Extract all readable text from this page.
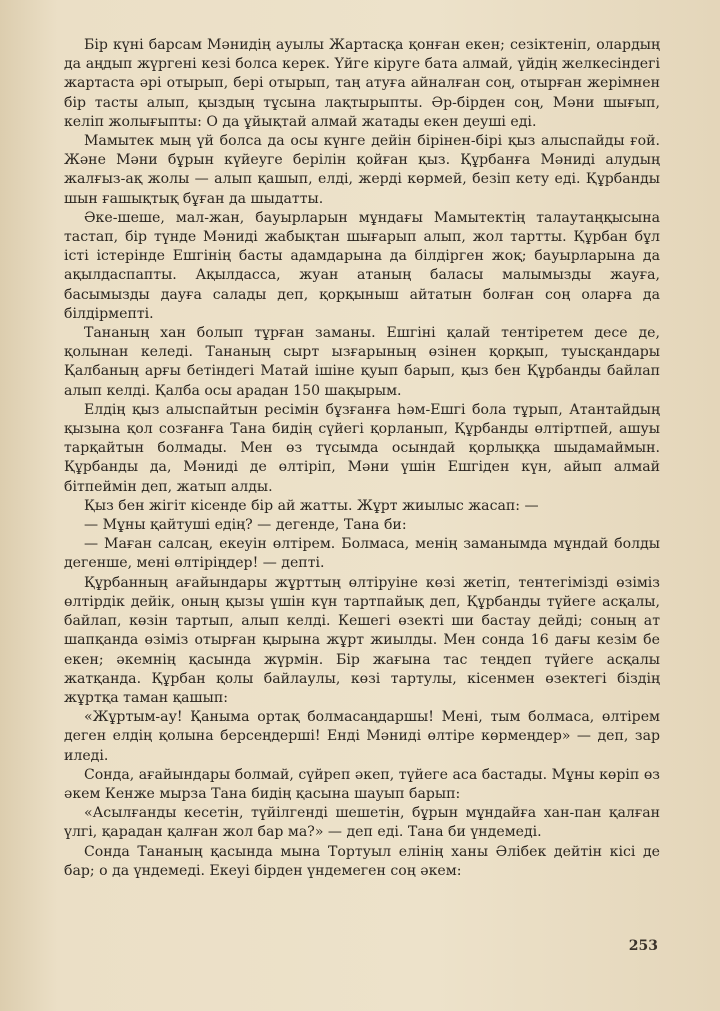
Бір күні барсам Мәнидің ауылы Жартасқа қонған екен; сезіктеніп, олардың да аңдып жүргені кезі болса керек. Үйге кіруге бата алмай, үйдің желкесіндегі жартаста әрі отырып, бері отырып, таң атуға айналған соң, отырған жерімнен бір тасты алып, қыздың тұсына лақтырыпты. Әр-бірден соң, Мәни шығып, келіп жолығыпты: О да ұйықтай алмай жатады екен деуші еді.

Мамытек мың үй болса да осы күнге дейін бірінен-бірі қыз алыспайды ғой. Және Мәни бұрын күйеуге берілін қойған қыз. Құрбанға Мәниді алудың жалғыз-ақ жолы — алып қашып, елді, жерді көрмей, безіп кету еді. Құрбанды шын ғашықтық бұған да шыдатты.

Әке-шеше, мал-жан, бауырларын мұндағы Мамытектің талаутаңқысына тастап, бір түнде Мәниді жабықтан шығарып алып, жол тартты. Құрбан бұл істі істерінде Ешгінің басты адамдарына да білдірген жоқ; бауырларына да ақылдаспапты. Ақылдасса, жуан атаның баласы малымызды жауға, басымызды дауға салады деп, қорқыныш айтатын болған соң оларға да білдірмепті.

Тананың хан болып тұрған заманы. Ешгіні қалай тентіретем десе де, қолынан келеді. Тананың сырт ызғарының өзінен қорқып, туысқандары Қалбаның арғы бетіндегі Матай ішіне қуып барып, қыз бен Құрбанды байлап алып келді. Қалба осы арадан 150 шақырым.

Елдің қыз алыспайтын ресімін бұзғанға һәм-Ешгі бола тұрып, Атантайдың қызына қол созғанға Тана бидің сүйегі қорланып, Құрбанды өлтіртпей, ашуы тарқайтын болмады. Мен өз түсымда осындай қорлыққа шыдамаймын. Құрбанды да, Мәниді де өлтіріп, Мәни үшін Ешгіден күн, айып алмай бітпеймін деп, жатып алды.

Қыз бен жігіт кісенде бір ай жатты. Жұрт жиылыс жасап: —

— Мұны қайтуші едің? — дегенде, Тана би:

— Маған салсаң, екеуін өлтірем. Болмаса, менің заманымда мұндай болды дегенше, мені өлтіріңдер! — депті.

Құрбанның ағайындары жұрттың өлтіруіне көзі жетіп, тентегімізді өзіміз өлтірдік дейік, оның қызы үшін күн тартпайық деп, Құрбанды түйеге асқалы, байлап, көзін тартып, алып келді. Кешегі өзекті ши бастау дейді; соның ат шапқанда өзіміз отырған қырына жұрт жиылды. Мен сонда 16 дағы кезім бе екен; әкемнің қасында жүрмін. Бір жағына тас теңдеп түйеге асқалы жатқанда. Құрбан қолы байлаулы, көзі тартулы, кісенмен өзектегі біздің жұртқа таман қашып:

«Жұртым-ау! Қаныма ортақ болмасаңдаршы! Мені, тым болмаса, өлтірем деген елдің қолына берсеңдерші! Енді Мәниді өлтіре көрмеңдер» — деп, зар иледі.

Сонда, ағайындары болмай, сүйреп әкеп, түйеге аса бастады. Мұны көріп өз әкем Кенже мырза Тана бидің қасына шауып барып:

«Асылғанды кесетін, түйілгенді шешетін, бұрын мұндайға хан-пан қалған үлгі, қарадан қалған жол бар ма?» — деп еді. Тана би үндемеді.

Сонда Тананың қасында мына Тортуыл елінің ханы Әлібек дейтін кісі де бар; о да үндемеді. Екеуі бірден үндемеген соң әкем:

253
